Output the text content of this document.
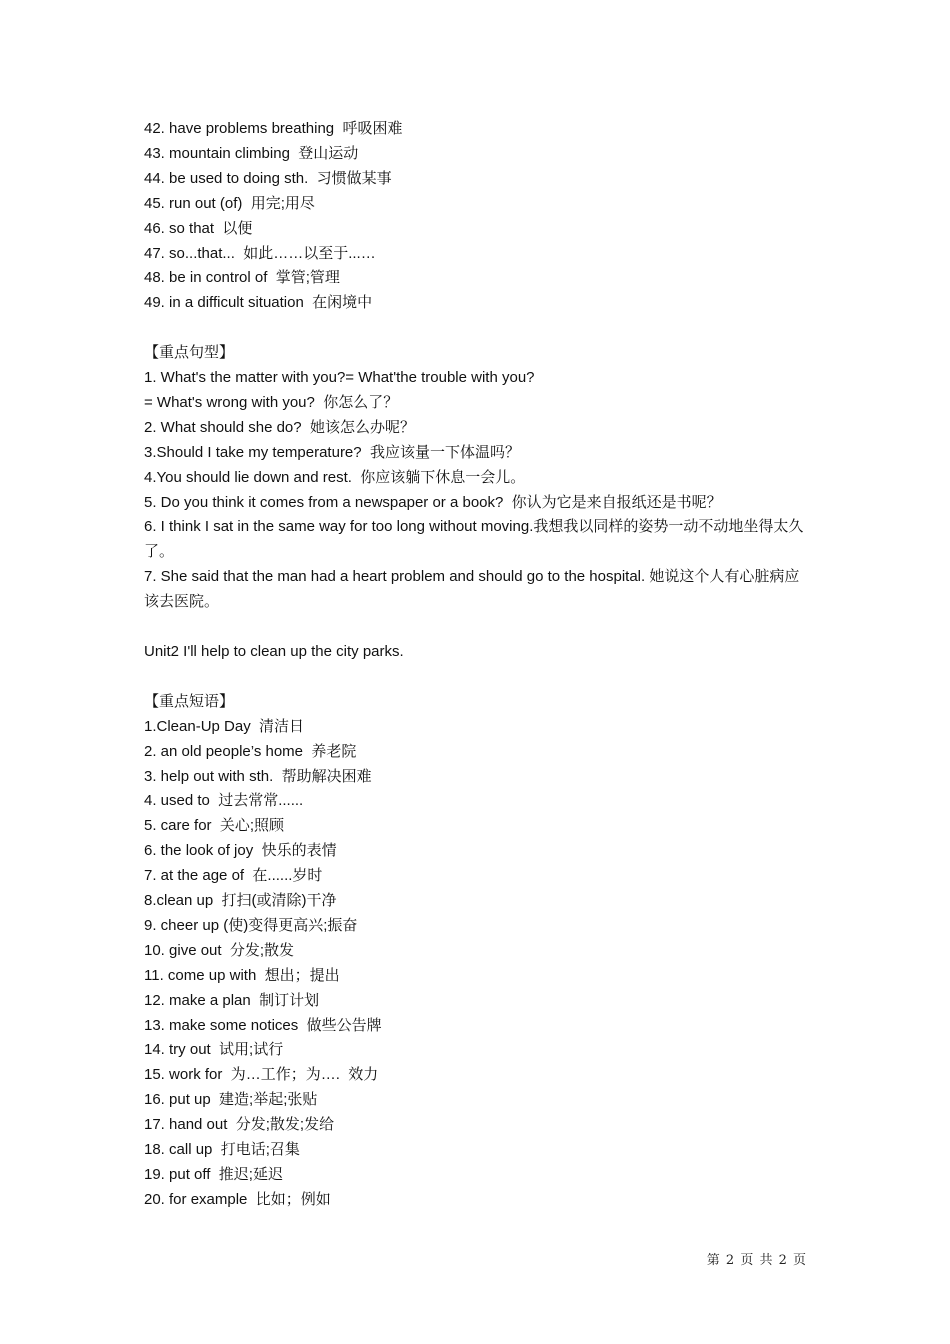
42. have problems breathing  呼吸困难
43. mountain climbing  登山运动
44. be used to doing sth.  习惯做某事
45. run out (of)  用完;用尽
46. so that  以便
47. so...that...  如此……以至于...…
48. be in control of  掌管;管理
49. in a difficult situation  在闲境中
【重点句型】
1. What's the matter with you?= What'the trouble with you?
= What's wrong with you?  你怎么了？
2. What should she do?  她该怎么办呢？
3.Should I take my temperature?  我应该量一下体温吗？
4.You should lie down and rest.  你应该躺下休息一会儿。
5. Do you think it comes from a newspaper or a book?  你认为它是来自报纸还是书呢？
6. I think I sat in the same way for too long without moving.我想我以同样的姿势一动不动地坐得太久了。
7. She said that the man had a heart problem and should go to the hospital. 她说这个人有心脏病应该去医院。
Unit2 I'll help to clean up the city parks.
【重点短语】
1.Clean-Up Day  清洁日
2. an old people’s home  养老院
3. help out with sth.  帮助解决困难
4. used to  过去常常......
5. care for  关心;照顾
6. the look of joy  快乐的表情
7. at the age of  在......岁时
8.clean up  打扫(或清除)干净
9. cheer up (使)变得更高兴;振奋
10. give out  分发;散发
11. come up with  想出；提出
12. make a plan  制订计划
13. make some notices  做些公告牌
14. try out  试用;试行
15. work for  为…工作；为….  效力
16. put up  建造;举起;张贴
17. hand out  分发;散发;发给
18. call up  打电话;召集
19. put off  推迟;延迟
20. for example  比如；例如
第 2 页 共 2 页
